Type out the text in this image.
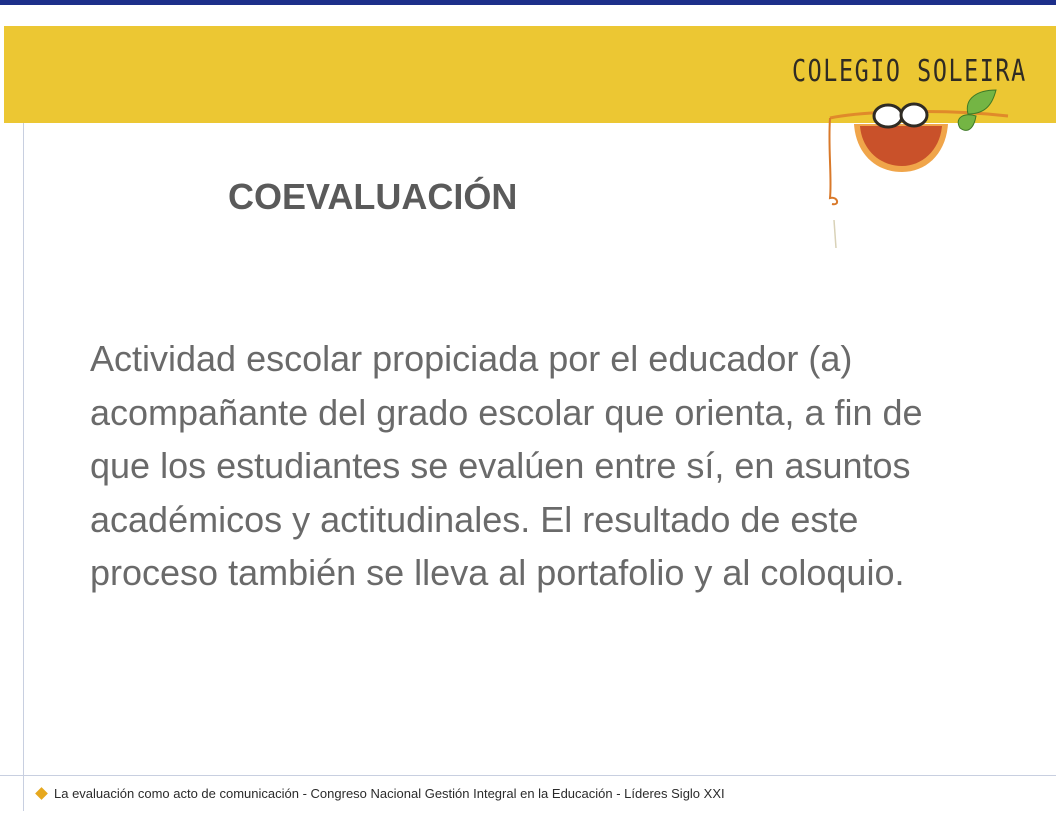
COLEGIO SOLEIRA
COEVALUACIÓN

Actividad escolar propiciada por el educador (a) acompañante del grado escolar que orienta, a fin de que los estudiantes se evalúen entre sí, en asuntos académicos y actitudinales. El resultado de este proceso también se lleva al portafolio y al coloquio.

La evaluación como acto de comunicación - Congreso Nacional Gestión Integral en la Educación - Líderes Siglo XXI
